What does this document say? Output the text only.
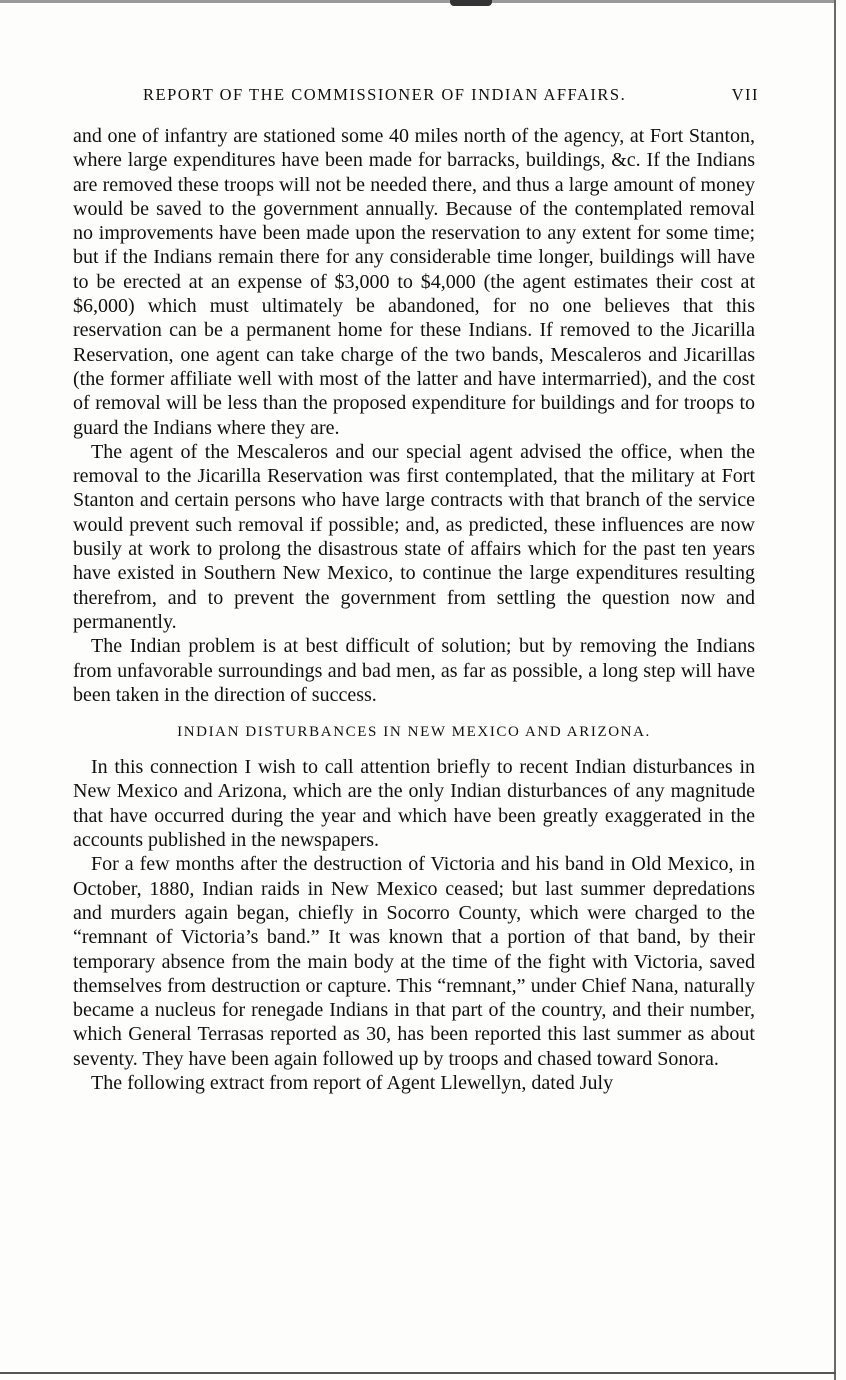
REPORT OF THE COMMISSIONER OF INDIAN AFFAIRS.	VII

and one of infantry are stationed some 40 miles north of the agency, at Fort Stanton, where large expenditures have been made for barracks, buildings, &c. If the Indians are removed these troops will not be needed there, and thus a large amount of money would be saved to the government annually. Because of the contemplated removal no improvements have been made upon the reservation to any extent for some time; but if the Indians remain there for any considerable time longer, buildings will have to be erected at an expense of $3,000 to $4,000 (the agent estimates their cost at $6,000) which must ultimately be abandoned, for no one believes that this reservation can be a permanent home for these Indians. If removed to the Jicarilla Reservation, one agent can take charge of the two bands, Mescaleros and Jicarillas (the former affiliate well with most of the latter and have intermarried), and the cost of removal will be less than the proposed expenditure for buildings and for troops to guard the Indians where they are.

The agent of the Mescaleros and our special agent advised the office, when the removal to the Jicarilla Reservation was first contemplated, that the military at Fort Stanton and certain persons who have large contracts with that branch of the service would prevent such removal if possible; and, as predicted, these influences are now busily at work to prolong the disastrous state of affairs which for the past ten years have existed in Southern New Mexico, to continue the large expenditures resulting therefrom, and to prevent the government from settling the question now and permanently.

The Indian problem is at best difficult of solution; but by removing the Indians from unfavorable surroundings and bad men, as far as possible, a long step will have been taken in the direction of success.

INDIAN DISTURBANCES IN NEW MEXICO AND ARIZONA.

In this connection I wish to call attention briefly to recent Indian disturbances in New Mexico and Arizona, which are the only Indian disturbances of any magnitude that have occurred during the year and which have been greatly exaggerated in the accounts published in the newspapers.

For a few months after the destruction of Victoria and his band in Old Mexico, in October, 1880, Indian raids in New Mexico ceased; but last summer depredations and murders again began, chiefly in Socorro County, which were charged to the “remnant of Victoria’s band.” It was known that a portion of that band, by their temporary absence from the main body at the time of the fight with Victoria, saved themselves from destruction or capture. This “remnant,” under Chief Nana, naturally became a nucleus for renegade Indians in that part of the country, and their number, which General Terrasas reported as 30, has been reported this last summer as about seventy. They have been again followed up by troops and chased toward Sonora.

The following extract from report of Agent Llewellyn, dated July
